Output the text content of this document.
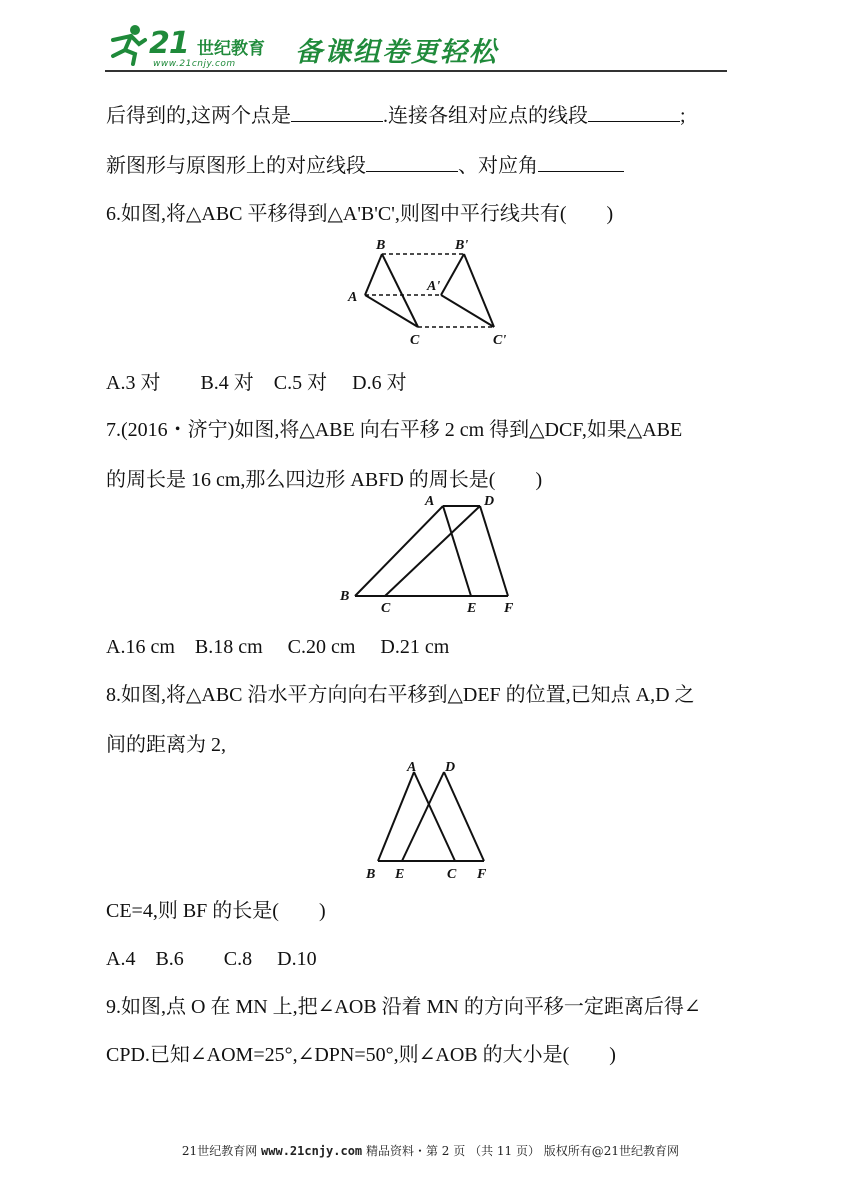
21 世纪教育
www.21cnjy.com 备课组卷更轻松
后得到的,这两个点是	.连接各组对应点的线段	;
新图形与原图形上的对应线段	、对应角
6.如图,将△ABC 平移得到△A'B'C',则图中平行线共有(　　)
B	B'
A
A'
C	C'
A.3 对　　B.4 对　C.5 对　 D.6 对
7.(2016・济宁)如图,将△ABE 向右平移 2 cm 得到△DCF,如果△ABE
的周长是 16 cm,那么四边形 ABFD 的周长是(　　)
A	D
B
C	E F
A.16 cm　B.18 cm　 C.20 cm　 D.21 cm
8.如图,将△ABC 沿水平方向向右平移到△DEF 的位置,已知点 A,D 之
间的距离为 2,
A D
B E	C F
CE=4,则 BF 的长是(　　)
A.4　B.6　　C.8　 D.10
9.如图,点 O 在 MN 上,把∠AOB 沿着 MN 的方向平移一定距离后得∠
CPD.已知∠AOM=25°,∠DPN=50°,则∠AOB 的大小是(　　)
21世纪教育网 www.21cnjy.com 精品资料・第 2 页 （共 11 页） 版权所有@21世纪教育网
